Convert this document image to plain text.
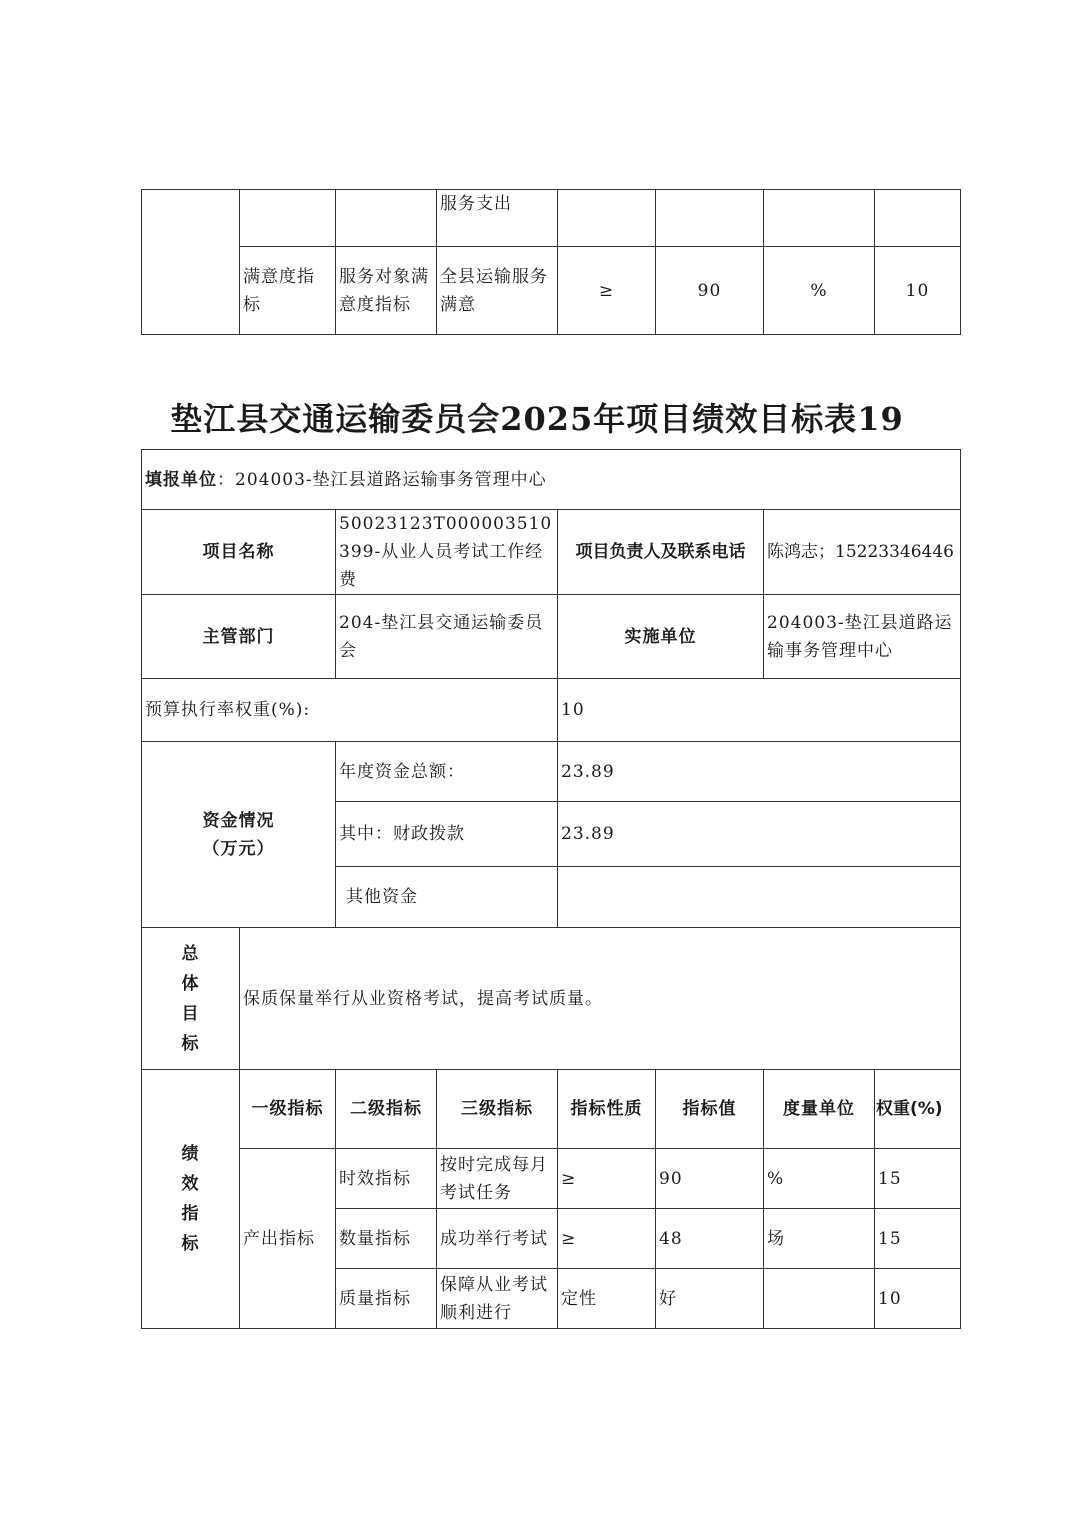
			服务支出				
	满意度指标	服务对象满意度指标	全县运输服务满意	≥	90	%	10
垫江县交通运输委员会2025年项目绩效目标表19
填报单位：204003-垫江县道路运输事务管理中心							
项目名称		50023123T000003510399-从业人员考试工作经费		项目负责人及联系电话		陈鸿志；15223346446	
主管部门		204-垫江县交通运输委员会		实施单位		204003-垫江县道路运输事务管理中心	
预算执行率权重(%):				10			

资金情况
（万元）		年度资金总额：		23.89			
		其中：财政拨款		23.89			
		其他资金					

总
体
目
标	保质保量举行从业资格考试，提高考试质量。						

绩
效
指
标	一级指标	二级指标	三级指标	指标性质	指标值	度量单位	权重(%)
	产出指标	时效指标	按时完成每月考试任务	≥	90	%	15
		数量指标	成功举行考试	≥	48	场	15
		质量指标	保障从业考试顺利进行	定性	好		10
